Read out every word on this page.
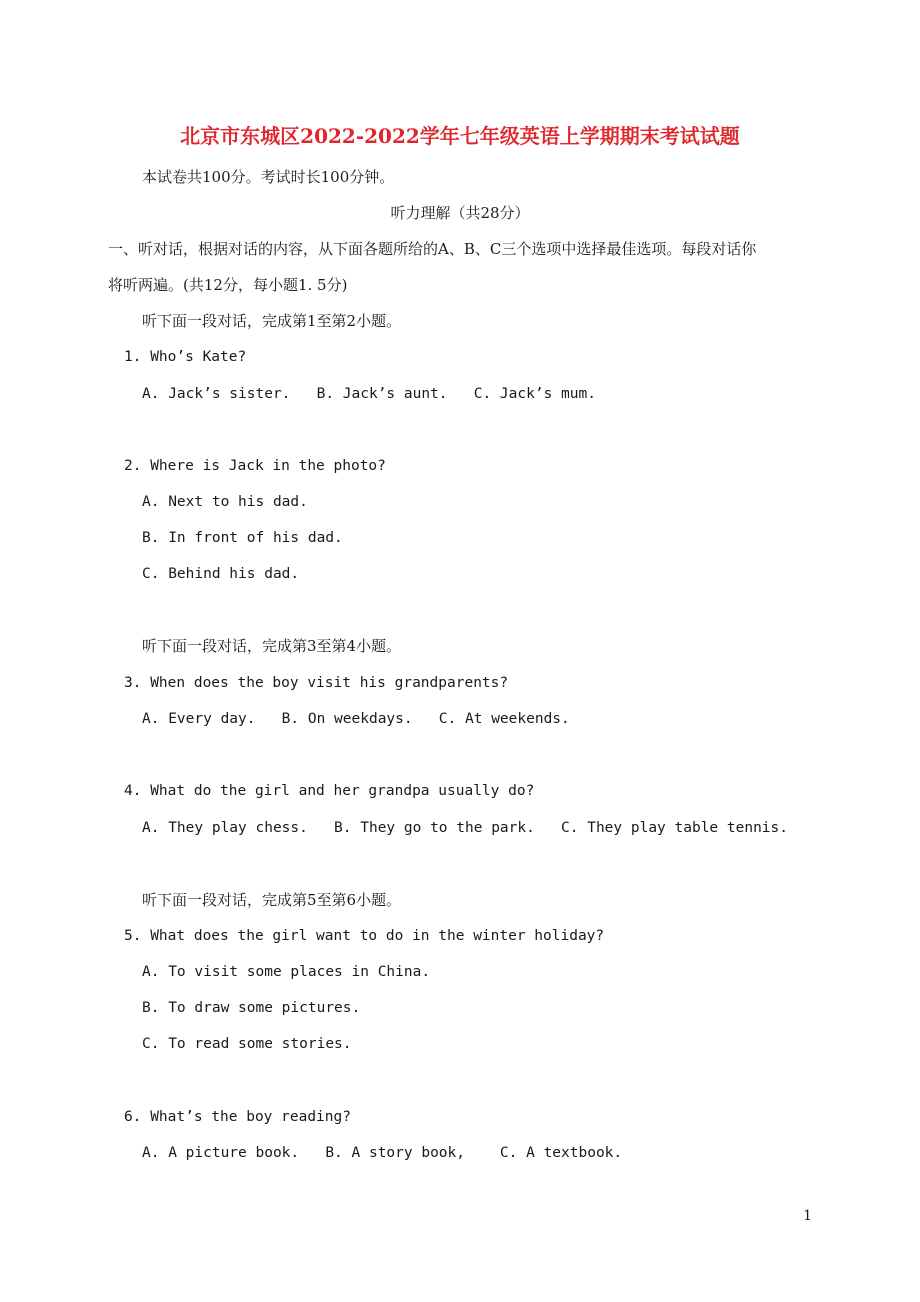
北京市东城区2022-2022学年七年级英语上学期期末考试试题
本试卷共100分。考试时长100分钟。
听力理解（共28分）
一、听对话，根据对话的内容，从下面各题所给的A、B、C三个选项中选择最佳选项。每段对话你
将听两遍。(共12分，每小题1. 5分)
听下面一段对话，完成第1至第2小题。
1. Who’s Kate?
A. Jack’s sister.   B. Jack’s aunt.   C. Jack’s mum.
2. Where is Jack in the photo?
A. Next to his dad.
B. In front of his dad.
C. Behind his dad.
听下面一段对话，完成第3至第4小题。
3. When does the boy visit his grandparents?
A. Every day.   B. On weekdays.   C. At weekends.
4. What do the girl and her grandpa usually do?
A. They play chess.   B. They go to the park.   C. They play table tennis.
听下面一段对话，完成第5至第6小题。
5. What does the girl want to do in the winter holiday?
A. To visit some places in China.
B. To draw some pictures.
C. To read some stories.
6. What’s the boy reading?
A. A picture book.   B. A story book,    C. A textbook.
1
